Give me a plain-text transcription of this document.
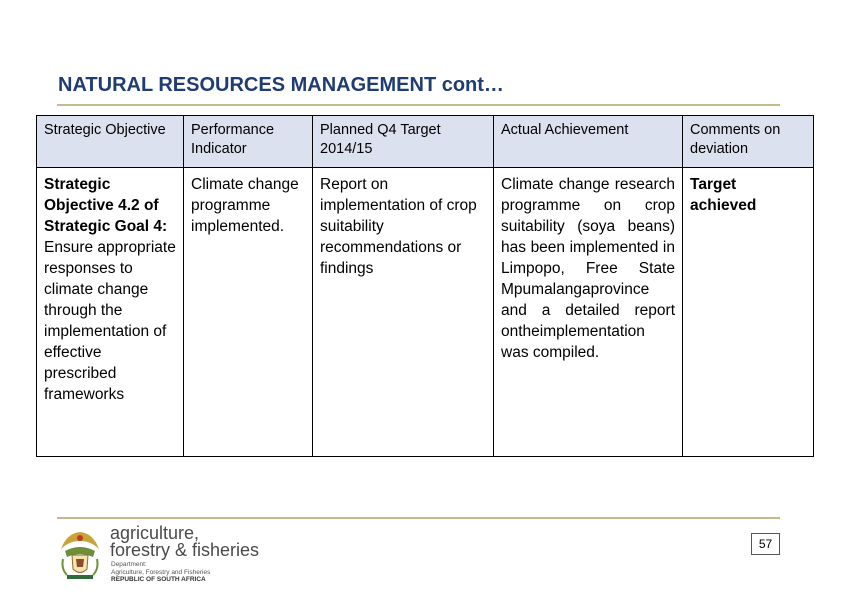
NATURAL RESOURCES MANAGEMENT cont…
Strategic Objective	Performance Indicator	Planned Q4 Target 2014/15	Actual Achievement	Comments on deviation

Strategic Objective 4.2 of Strategic Goal 4:
Ensure appropriate responses to climate change through the implementation of effective prescribed frameworks	Climate change programme implemented.	Report on implementation of crop suitability recommendations or findings	Climate change research programme on crop suitability (soya beans) has been implemented in Limpopo, Free State Mpumalangaprovince and a detailed report ontheimplementation was compiled.	Target achieved
agriculture,
forestry & fisheries
Department:
Agriculture, Forestry and Fisheries
REPUBLIC OF SOUTH AFRICA
57
